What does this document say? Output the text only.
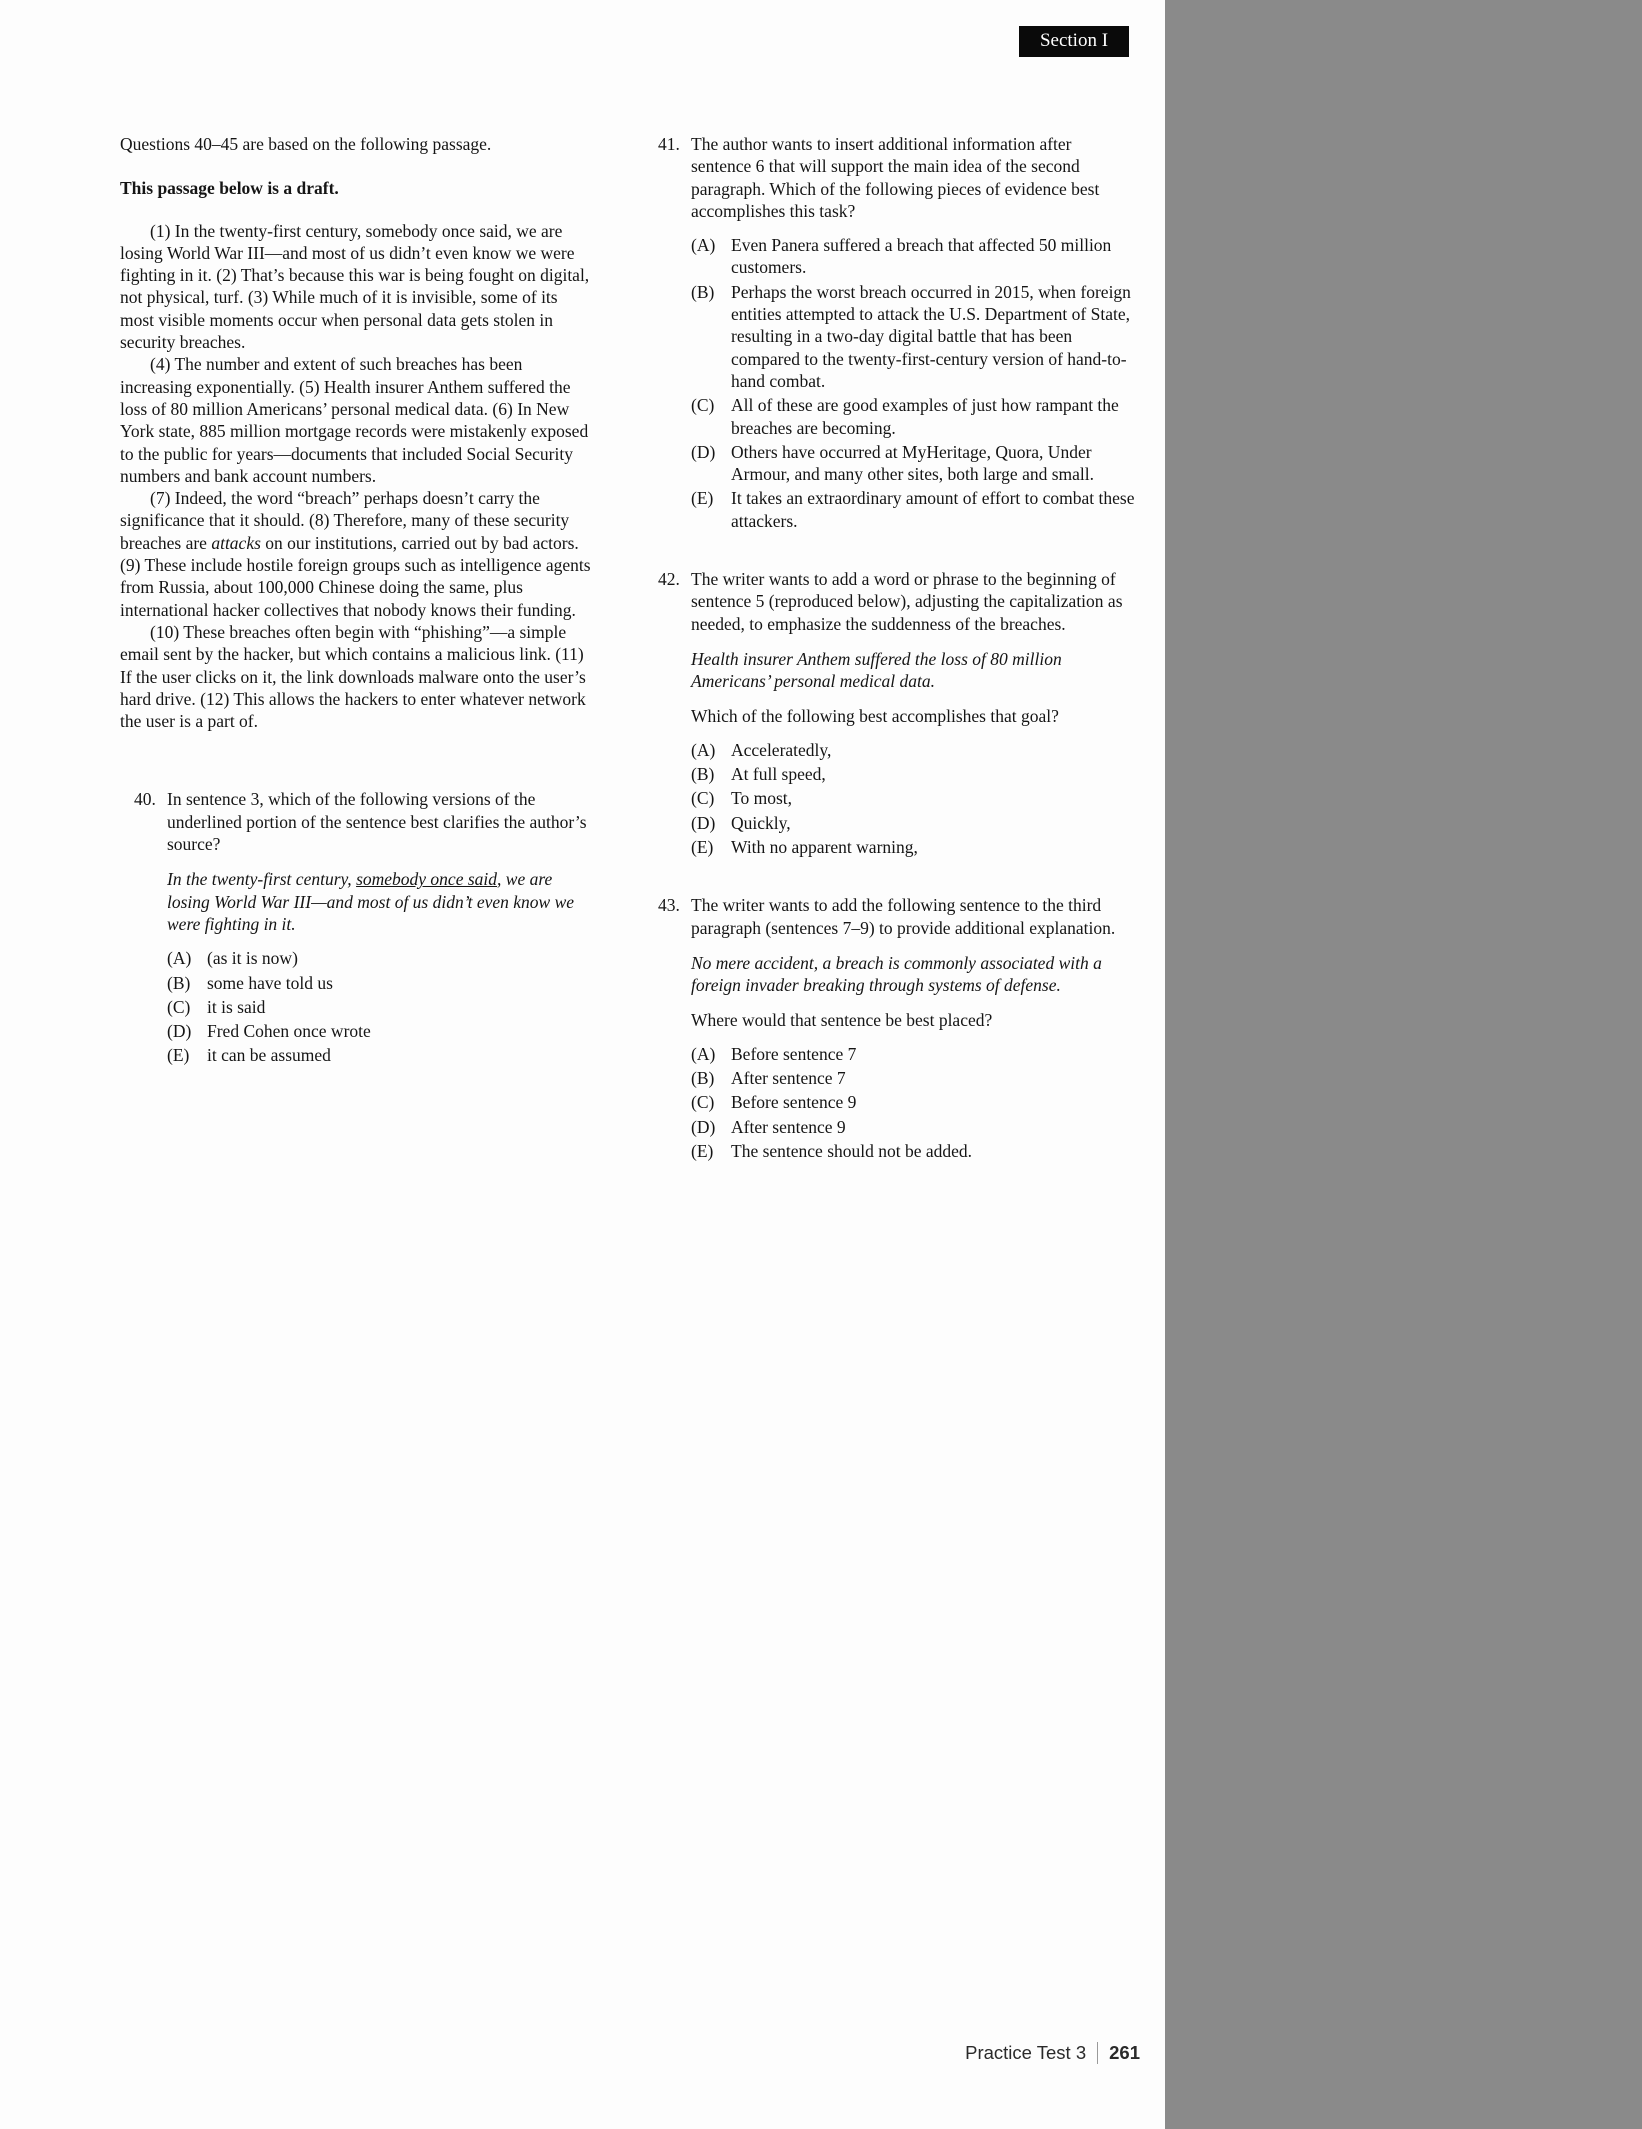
Section I
Questions 40–45 are based on the following passage.
This passage below is a draft.

(1) In the twenty-first century, somebody once said, we are losing World War III—and most of us didn’t even know we were fighting in it. (2) That’s because this war is being fought on digital, not physical, turf. (3) While much of it is invisible, some of its most visible moments occur when personal data gets stolen in security breaches.

(4) The number and extent of such breaches has been increasing exponentially. (5) Health insurer Anthem suffered the loss of 80 million Americans’ personal medical data. (6) In New York state, 885 million mortgage records were mistakenly exposed to the public for years—documents that included Social Security numbers and bank account numbers.

(7) Indeed, the word “breach” perhaps doesn’t carry the significance that it should. (8) Therefore, many of these security breaches are attacks on our institutions, carried out by bad actors. (9) These include hostile foreign groups such as intelligence agents from Russia, about 100,000 Chinese doing the same, plus international hacker collectives that nobody knows their funding.

(10) These breaches often begin with “phishing”—a simple email sent by the hacker, but which contains a malicious link. (11) If the user clicks on it, the link downloads malware onto the user’s hard drive. (12) This allows the hackers to enter whatever network the user is a part of.

40. In sentence 3, which of the following versions of the underlined portion of the sentence best clarifies the author’s source?
In the twenty-first century, somebody once said, we are losing World War III—and most of us didn’t even know we were fighting in it.
(A) (as it is now)
(B) some have told us
(C) it is said
(D) Fred Cohen once wrote
(E)	it can be assumed
41. The author wants to insert additional information after sentence 6 that will support the main idea of the second paragraph. Which of the following pieces of evidence best accomplishes this task?
(A) Even Panera suffered a breach that affected 50 million customers.
(B) Perhaps the worst breach occurred in 2015, when foreign entities attempted to attack the U.S. Department of State, resulting in a two-day digital battle that has been compared to the twenty-first-century version of hand-to-hand combat.
(C) All of these are good examples of just how rampant the breaches are becoming.
(D) Others have occurred at MyHeritage, Quora, Under Armour, and many other sites, both large and small.
(E)	It takes an extraordinary amount of effort to combat these attackers.
42. The writer wants to add a word or phrase to the beginning of sentence 5 (reproduced below), adjusting the capitalization as needed, to emphasize the suddenness of the breaches.
Health insurer Anthem suffered the loss of 80 million Americans’ personal medical data.
Which of the following best accomplishes that goal?
(A) Acceleratedly,
(B) At full speed,
(C) To most,
(D) Quickly,
(E)	With no apparent warning,
43. The writer wants to add the following sentence to the third paragraph (sentences 7–9) to provide additional explanation.
No mere accident, a breach is commonly associated with a foreign invader breaking through systems of defense.
Where would that sentence be best placed?
(A) Before sentence 7
(B) After sentence 7
(C) Before sentence 9
(D) After sentence 9
(E)	The sentence should not be added.
Practice Test 3 261
